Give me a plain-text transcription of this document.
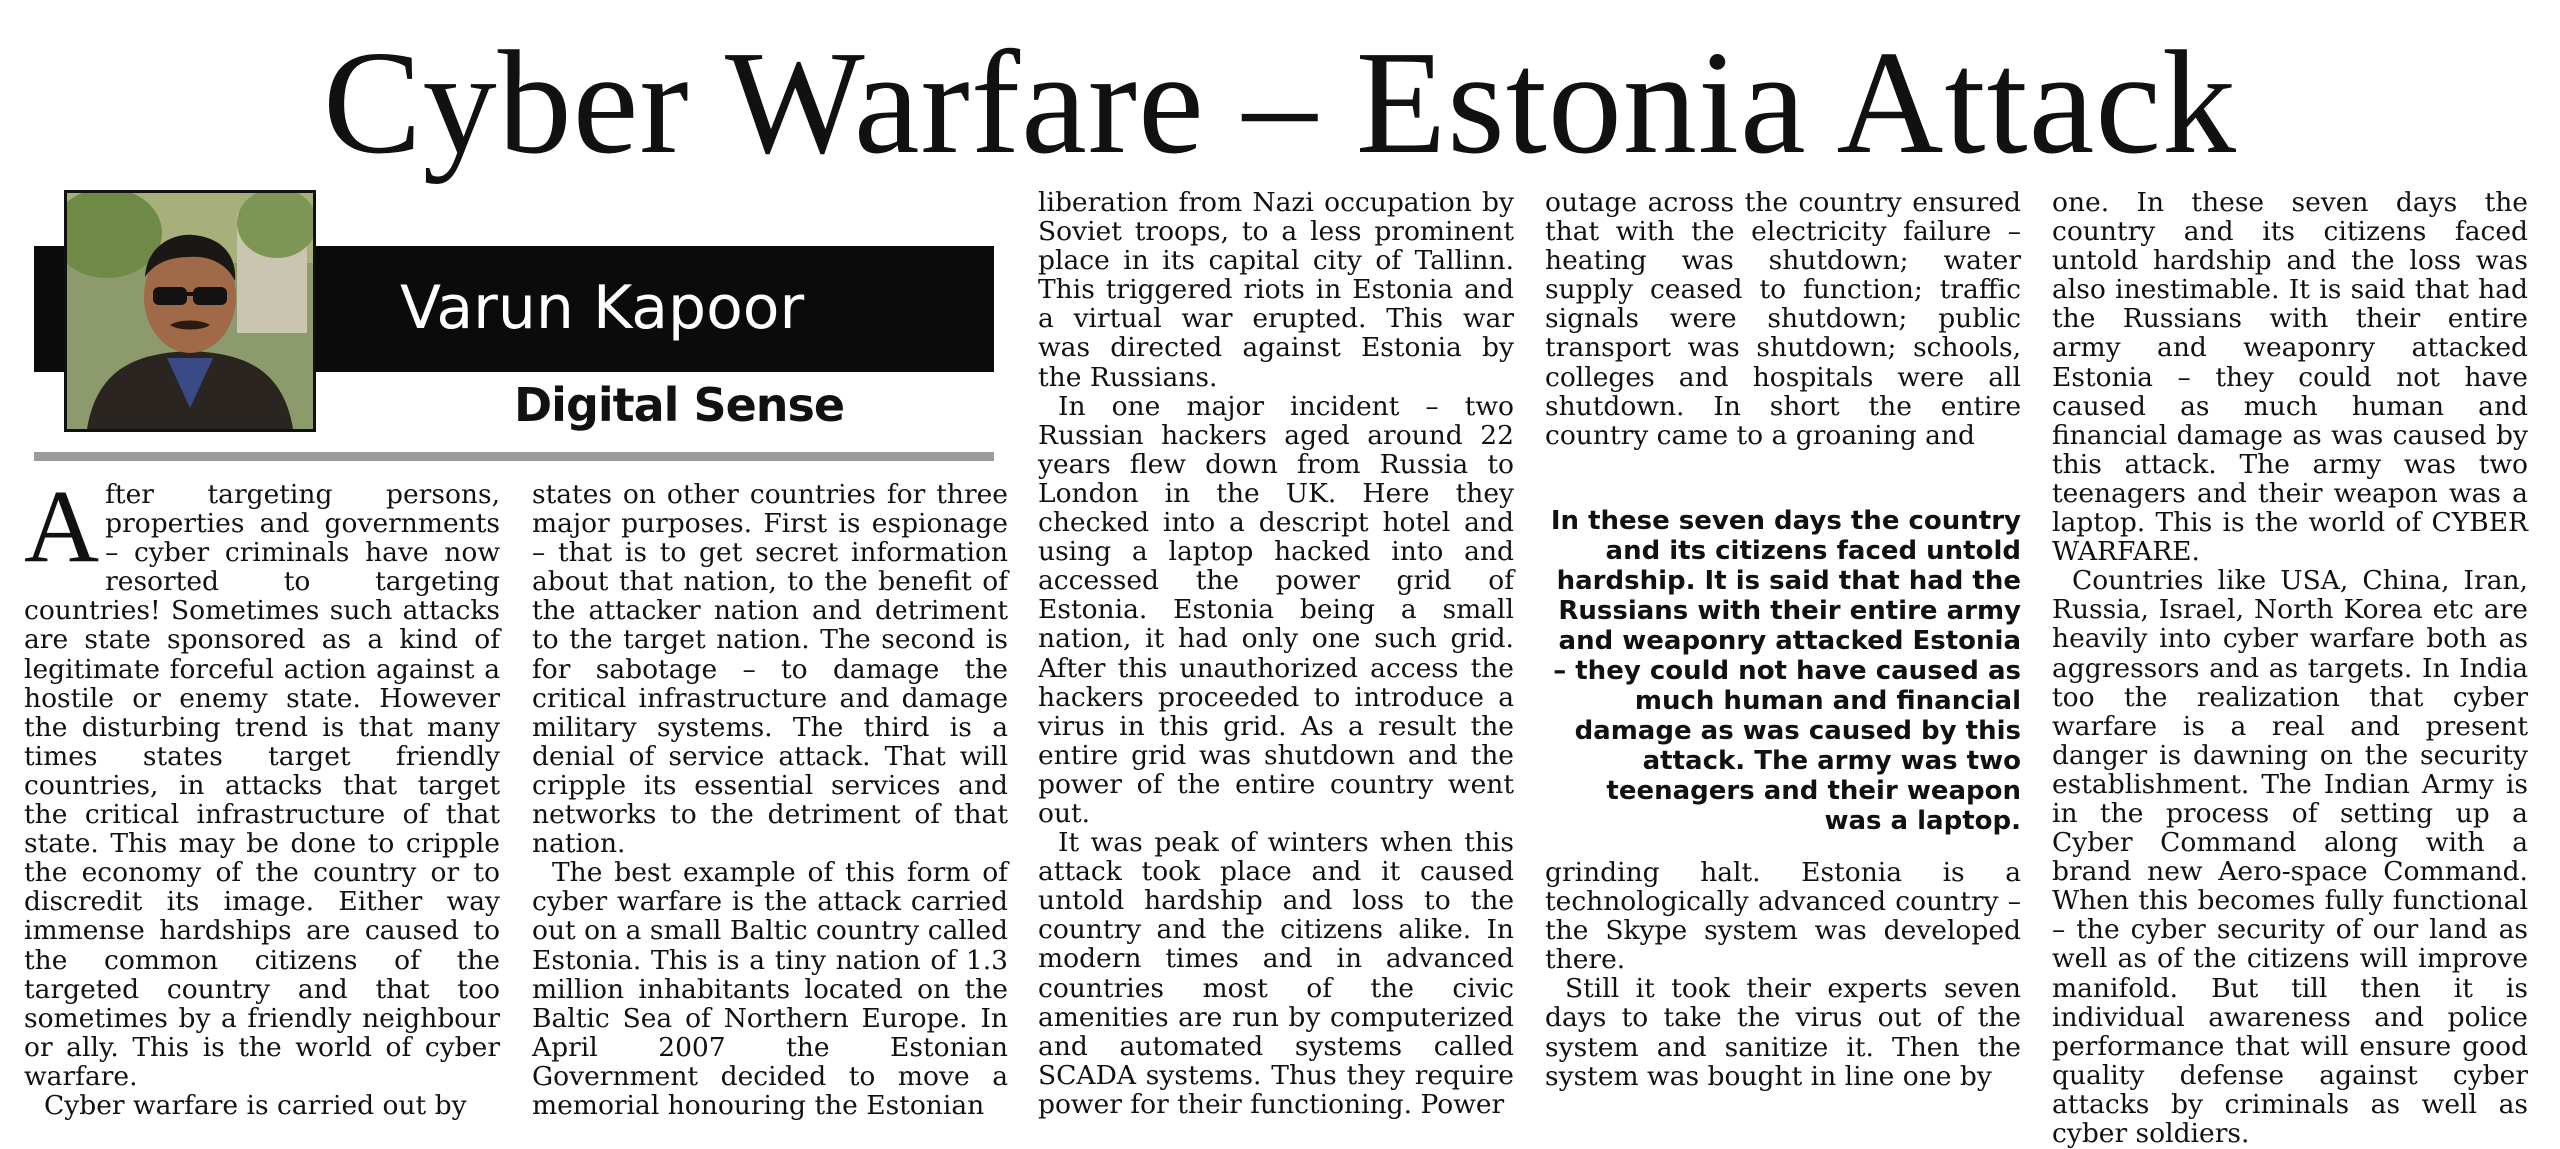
Cyber Warfare – Estonia Attack
Varun Kapoor
Digital Sense

After targeting persons, properties and governments – cyber criminals have now resorted to targeting countries! Sometimes such attacks are state sponsored as a kind of legitimate forceful action against a hostile or enemy state. However the disturbing trend is that many times states target friendly countries, in attacks that target the critical infrastructure of that state. This may be done to cripple the economy of the country or to discredit its image. Either way immense hardships are caused to the common citizens of the targeted country and that too sometimes by a friendly neighbour or ally. This is the world of cyber warfare.

Cyber warfare is carried out by

states on other countries for three major purposes. First is espionage – that is to get secret information about that nation, to the benefit of the attacker nation and detriment to the target nation. The second is for sabotage – to damage the critical infrastructure and damage military systems. The third is a denial of service attack. That will cripple its essential services and networks to the detriment of that nation.

The best example of this form of cyber warfare is the attack carried out on a small Baltic country called Estonia. This is a tiny nation of 1.3 million inhabitants located on the Baltic Sea of Northern Europe. In April 2007 the Estonian Government decided to move a memorial honouring the Estonian

liberation from Nazi occupation by Soviet troops, to a less prominent place in its capital city of Tallinn. This triggered riots in Estonia and a virtual war erupted. This war was directed against Estonia by the Russians.

In one major incident – two Russian hackers aged around 22 years flew down from Russia to London in the UK. Here they checked into a descript hotel and using a laptop hacked into and accessed the power grid of Estonia. Estonia being a small nation, it had only one such grid. After this unauthorized access the hackers proceeded to introduce a virus in this grid. As a result the entire grid was shutdown and the power of the entire country went out.

It was peak of winters when this attack took place and it caused untold hardship and loss to the country and the citizens alike. In modern times and in advanced countries most of the civic amenities are run by computerized and automated systems called SCADA systems. Thus they require power for their functioning. Power

outage across the country ensured that with the electricity failure – heating was shutdown; water supply ceased to function; traffic signals were shutdown; public transport was shutdown; schools, colleges and hospitals were all shutdown. In short the entire country came to a groaning and

In these seven days the country and its citizens faced untold hardship. It is said that had the Russians with their entire army and weaponry attacked Estonia – they could not have caused as much human and financial damage as was caused by this attack. The army was two teenagers and their weapon was a laptop.

grinding halt. Estonia is a technologically advanced country – the Skype system was developed there.

Still it took their experts seven days to take the virus out of the system and sanitize it. Then the system was bought in line one by

one. In these seven days the country and its citizens faced untold hardship and the loss was also inestimable. It is said that had the Russians with their entire army and weaponry attacked Estonia – they could not have caused as much human and financial damage as was caused by this attack. The army was two teenagers and their weapon was a laptop. This is the world of CYBER WARFARE.

Countries like USA, China, Iran, Russia, Israel, North Korea etc are heavily into cyber warfare both as aggressors and as targets. In India too the realization that cyber warfare is a real and present danger is dawning on the security establishment. The Indian Army is in the process of setting up a Cyber Command along with a brand new Aero-space Command. When this becomes fully functional – the cyber security of our land as well as of the citizens will improve manifold. But till then it is individual awareness and police performance that will ensure good quality defense against cyber attacks by criminals as well as cyber soldiers.
